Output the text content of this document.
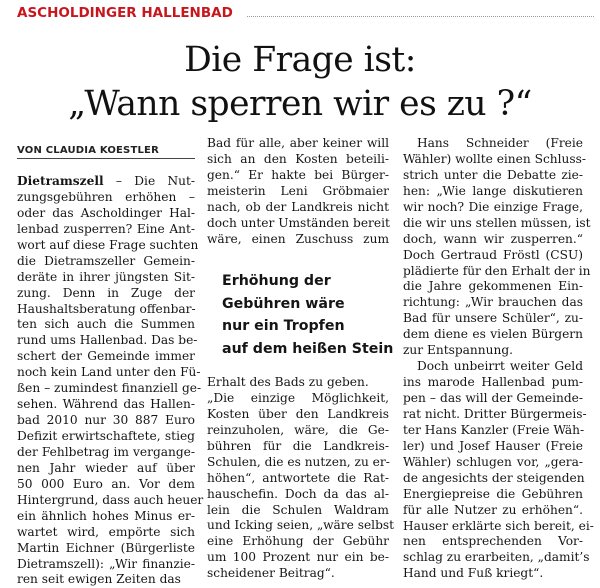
ASCHOLDINGER HALLENBAD
Die Frage ist:
„Wann sperren wir es zu ?“
VON CLAUDIA KOESTLER
Dietramszell – Die Nut-
zungsgebühren erhöhen –
oder das Ascholdinger Hal-
lenbad zusperren? Eine Ant-
wort auf diese Frage suchten
die Dietramszeller Gemein-
deräte in ihrer jüngsten Sit-
zung. Denn in Zuge der
Haushaltsberatung offenbar-
ten sich auch die Summen
rund ums Hallenbad. Das be-
schert der Gemeinde immer
noch kein Land unter den Fü-
ßen – zumindest finanziell ge-
sehen. Während das Hallen-
bad 2010 nur 30 887 Euro
Defizit erwirtschaftete, stieg
der Fehlbetrag im vergange-
nen Jahr wieder auf über
50 000 Euro an. Vor dem
Hintergrund, dass auch heuer
ein ähnlich hohes Minus er-
wartet wird, empörte sich
Martin Eichner (Bürgerliste
Dietramszell): „Wir finanzie-
ren seit ewigen Zeiten das
Bad für alle, aber keiner will
sich an den Kosten beteili-
gen.“ Er hakte bei Bürger-
meisterin Leni Gröbmaier
nach, ob der Landkreis nicht
doch unter Umständen bereit
wäre, einen Zuschuss zum
Erhöhung der
Gebühren wäre
nur ein Tropfen
auf dem heißen Stein
Erhalt des Bads zu geben.
„Die einzige Möglichkeit,
Kosten über den Landkreis
reinzuholen, wäre, die Ge-
bühren für die Landkreis-
Schulen, die es nutzen, zu er-
höhen“, antwortete die Rat-
hauschefin. Doch da das al-
lein die Schulen Waldram
und Icking seien, „wäre selbst
eine Erhöhung der Gebühr
um 100 Prozent nur ein be-
scheidener Beitrag“.
Hans Schneider (Freie
Wähler) wollte einen Schluss-
strich unter die Debatte zie-
hen: „Wie lange diskutieren
wir noch? Die einzige Frage,
die wir uns stellen müssen, ist
doch, wann wir zusperren.“
Doch Gertraud Fröstl (CSU)
plädierte für den Erhalt der in
die Jahre gekommenen Ein-
richtung: „Wir brauchen das
Bad für unsere Schüler“, zu-
dem diene es vielen Bürgern
zur Entspannung.
Doch unbeirrt weiter Geld
ins marode Hallenbad pum-
pen – das will der Gemeinde-
rat nicht. Dritter Bürgermeis-
ter Hans Kanzler (Freie Wäh-
ler) und Josef Hauser (Freie
Wähler) schlugen vor, „gera-
de angesichts der steigenden
Energiepreise die Gebühren
für alle Nutzer zu erhöhen“.
Hauser erklärte sich bereit, ei-
nen entsprechenden Vor-
schlag zu erarbeiten, „damit’s
Hand und Fuß kriegt“.
